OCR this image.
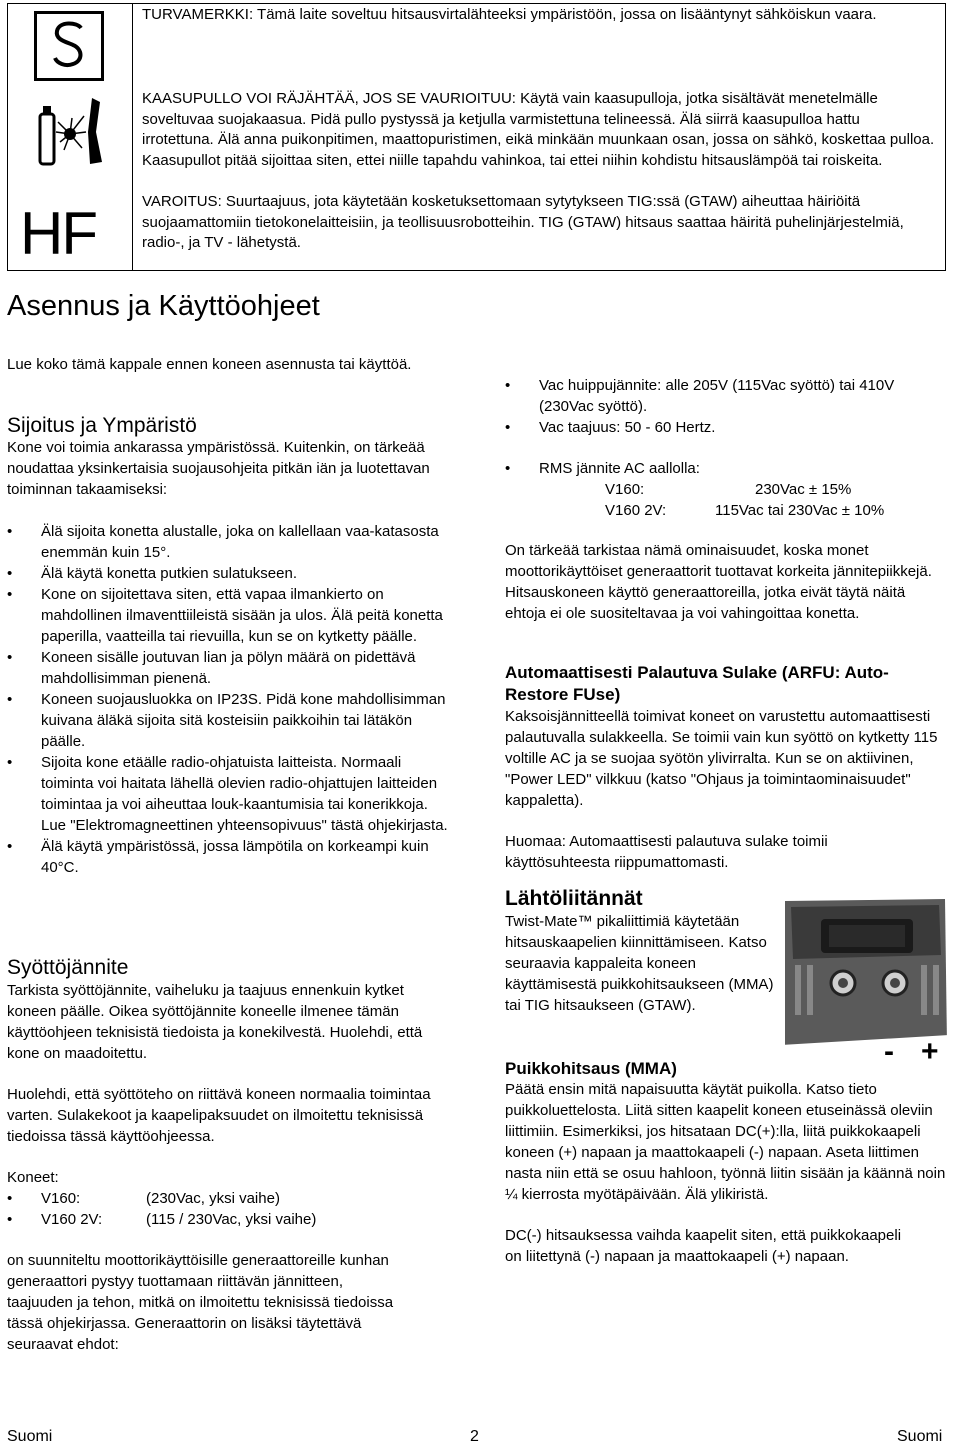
HF

TURVAMERKKI: Tämä laite soveltuu hitsausvirtalähteeksi ympäristöön, jossa on lisääntynyt sähköiskun vaara.

KAASUPULLO VOI RÄJÄHTÄÄ, JOS SE VAURIOITUU: Käytä vain kaasupulloja, jotka sisältävät menetelmälle soveltuvaa suojakaasua. Pidä pullo pystyssä ja ketjulla varmistettuna telineessä. Älä siirrä kaasupulloa hattu irrotettuna. Älä anna puikonpitimen, maattopuristimen, eikä minkään muunkaan osan, jossa on sähkö, koskettaa pulloa. Kaasupullot pitää sijoittaa siten, ettei niille tapahdu vahinkoa, tai ettei niihin kohdistu hitsauslämpöä tai roiskeita.

VAROITUS: Suurtaajuus, jota käytetään kosketuksettomaan sytytykseen TIG:ssä (GTAW) aiheuttaa häiriöitä suojaamattomiin tietokonelaitteisiin, ja teollisuusrobotteihin. TIG (GTAW) hitsaus saattaa häiritä puhelinjärjestelmiä, radio-, ja TV - lähetystä.

Asennus ja Käyttöohjeet

Lue koko tämä kappale ennen koneen asennusta tai käyttöä.

Sijoitus ja Ympäristö

Kone voi toimia ankarassa ympäristössä. Kuitenkin, on tärkeää noudattaa yksinkertaisia suojausohjeita pitkän iän ja luotettavan toiminnan takaamiseksi:

• Älä sijoita konetta alustalle, joka on kallellaan vaa-katasosta enemmän kuin 15°.
• Älä käytä konetta putkien sulatukseen.
• Kone on sijoitettava siten, että vapaa ilmankierto on mahdollinen ilmaventtiileistä sisään ja ulos. Älä peitä konetta paperilla, vaatteilla tai rievuilla, kun se on kytketty päälle.
• Koneen sisälle joutuvan lian ja pölyn määrä on pidettävä mahdollisimman pienenä.
• Koneen suojausluokka on IP23S. Pidä kone mahdollisimman kuivana äläkä sijoita sitä kosteisiin paikkoihin tai lätäkön päälle.
• Sijoita kone etäälle radio-ohjatuista laitteista. Normaali toiminta voi haitata lähellä olevien radio-ohjattujen laitteiden toimintaa ja voi aiheuttaa louk-kaantumisia tai konerikkoja. Lue "Elektromagneettinen yhteensopivuus" tästä ohjekirjasta.
• Älä käytä ympäristössä, jossa lämpötila on korkeampi kuin 40°C.
Syöttöjännite

Tarkista syöttöjännite, vaiheluku ja taajuus ennenkuin kytket koneen päälle. Oikea syöttöjännite koneelle ilmenee tämän käyttöohjeen teknisistä tiedoista ja konekilvestä. Huolehdi, että kone on maadoitettu.

Huolehdi, että syöttöteho on riittävä koneen normaalia toimintaa varten. Sulakekoot ja kaapelipaksuudet on ilmoitettu teknisissä tiedoissa tässä käyttöohjeessa.

Koneet:

• V160:	(230Vac, yksi vaihe)
• V160 2V:	(115 / 230Vac, yksi vaihe)

on suunniteltu moottorikäyttöisille generaattoreille kunhan generaattori pystyy tuottamaan riittävän jännitteen, taajuuden ja tehon, mitkä on ilmoitettu teknisissä tiedoissa tässä ohjekirjassa. Generaattorin on lisäksi täytettävä seuraavat ehdot:

• Vac huippujännite: alle 205V (115Vac syöttö) tai 410V (230Vac syöttö).
• Vac taajuus: 50 - 60 Hertz.
• RMS jännite AC aallolla:
V160:	230Vac ± 15%
V160 2V:	115Vac tai 230Vac ± 10%

On tärkeää tarkistaa nämä ominaisuudet, koska monet moottorikäyttöiset generaattorit tuottavat korkeita jännitepiikkejä. Hitsauskoneen käyttö generaattoreilla, jotka eivät täytä näitä ehtoja ei ole suositeltavaa ja voi vahingoittaa konetta.

Automaattisesti Palautuva Sulake (ARFU: Auto-Restore FUse)

Kaksoisjännitteellä toimivat koneet on varustettu automaattisesti palautuvalla sulakkeella. Se toimii vain kun syöttö on kytketty 115 voltille AC ja se suojaa syötön ylivirralta. Kun se on aktiivinen, "Power LED" vilkkuu (katso "Ohjaus ja toimintaominaisuudet" kappaletta).

Huomaa: Automaattisesti palautuva sulake toimii käyttösuhteesta riippumattomasti.

Lähtöliitännät

Twist-Mate™ pikaliittimiä käytetään hitsauskaapelien kiinnittämiseen. Katso seuraavia kappaleita koneen käyttämisestä puikkohitsaukseen (MMA) tai TIG hitsaukseen (GTAW).

- +
Puikkohitsaus (MMA)

Päätä ensin mitä napaisuutta käytät puikolla. Katso tieto puikkoluettelosta. Liitä sitten kaapelit koneen etuseinässä oleviin liittimiin. Esimerkiksi, jos hitsataan DC(+):lla, liitä puikkokaapeli koneen (+) napaan ja maattokaapeli (-) napaan. Aseta liittimen nasta niin että se osuu hahloon, työnnä liitin sisään ja käännä noin ¼ kierrosta myötäpäivään. Älä ylikiristä.

DC(-) hitsauksessa vaihda kaapelit siten, että puikkokaapeli on liitettynä (-) napaan ja maattokaapeli (+) napaan.

Suomi	2	Suomi
